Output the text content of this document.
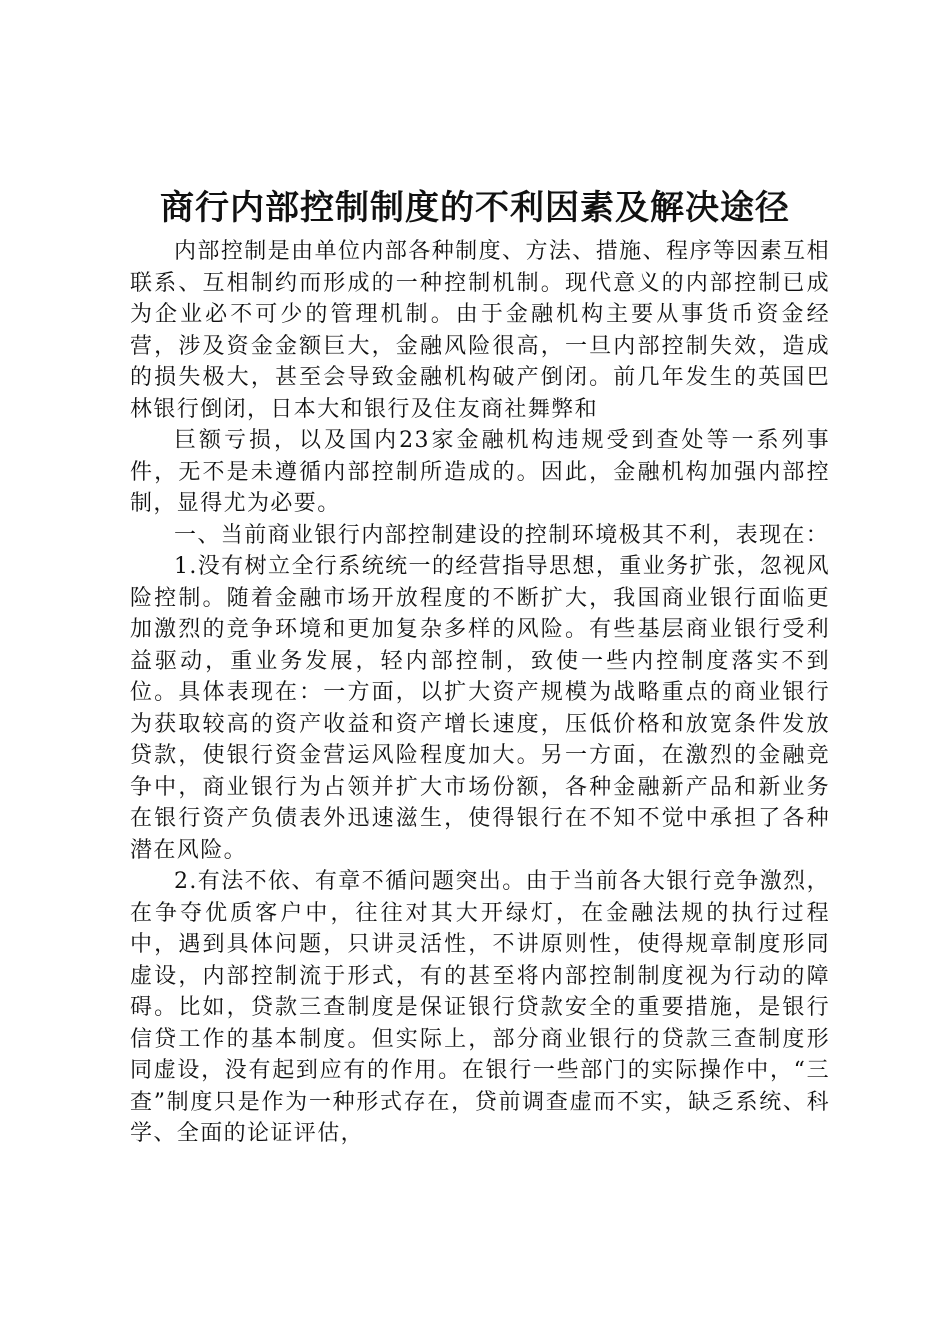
商行内部控制制度的不利因素及解决途径

内部控制是由单位内部各种制度、方法、措施、程序等因素互相联系、互相制约而形成的一种控制机制。现代意义的内部控制已成为企业必不可少的管理机制。由于金融机构主要从事货币资金经营，涉及资金金额巨大，金融风险很高，一旦内部控制失效，造成的损失极大，甚至会导致金融机构破产倒闭。前几年发生的英国巴林银行倒闭，日本大和银行及住友商社舞弊和

巨额亏损，以及国内23家金融机构违规受到查处等一系列事件，无不是未遵循内部控制所造成的。因此，金融机构加强内部控制，显得尤为必要。

一、当前商业银行内部控制建设的控制环境极其不利，表现在：

1.没有树立全行系统统一的经营指导思想，重业务扩张，忽视风险控制。随着金融市场开放程度的不断扩大，我国商业银行面临更加激烈的竞争环境和更加复杂多样的风险。有些基层商业银行受利益驱动，重业务发展，轻内部控制，致使一些内控制度落实不到位。具体表现在：一方面，以扩大资产规模为战略重点的商业银行为获取较高的资产收益和资产增长速度，压低价格和放宽条件发放贷款，使银行资金营运风险程度加大。另一方面，在激烈的金融竞争中，商业银行为占领并扩大市场份额，各种金融新产品和新业务在银行资产负债表外迅速滋生，使得银行在不知不觉中承担了各种潜在风险。

2.有法不依、有章不循问题突出。由于当前各大银行竞争激烈，在争夺优质客户中，往往对其大开绿灯，在金融法规的执行过程中，遇到具体问题，只讲灵活性，不讲原则性，使得规章制度形同虚设，内部控制流于形式，有的甚至将内部控制制度视为行动的障碍。比如，贷款三查制度是保证银行贷款安全的重要措施，是银行信贷工作的基本制度。但实际上，部分商业银行的贷款三查制度形同虚设，没有起到应有的作用。在银行一些部门的实际操作中，“三查”制度只是作为一种形式存在，贷前调查虚而不实，缺乏系统、科学、全面的论证评估，
